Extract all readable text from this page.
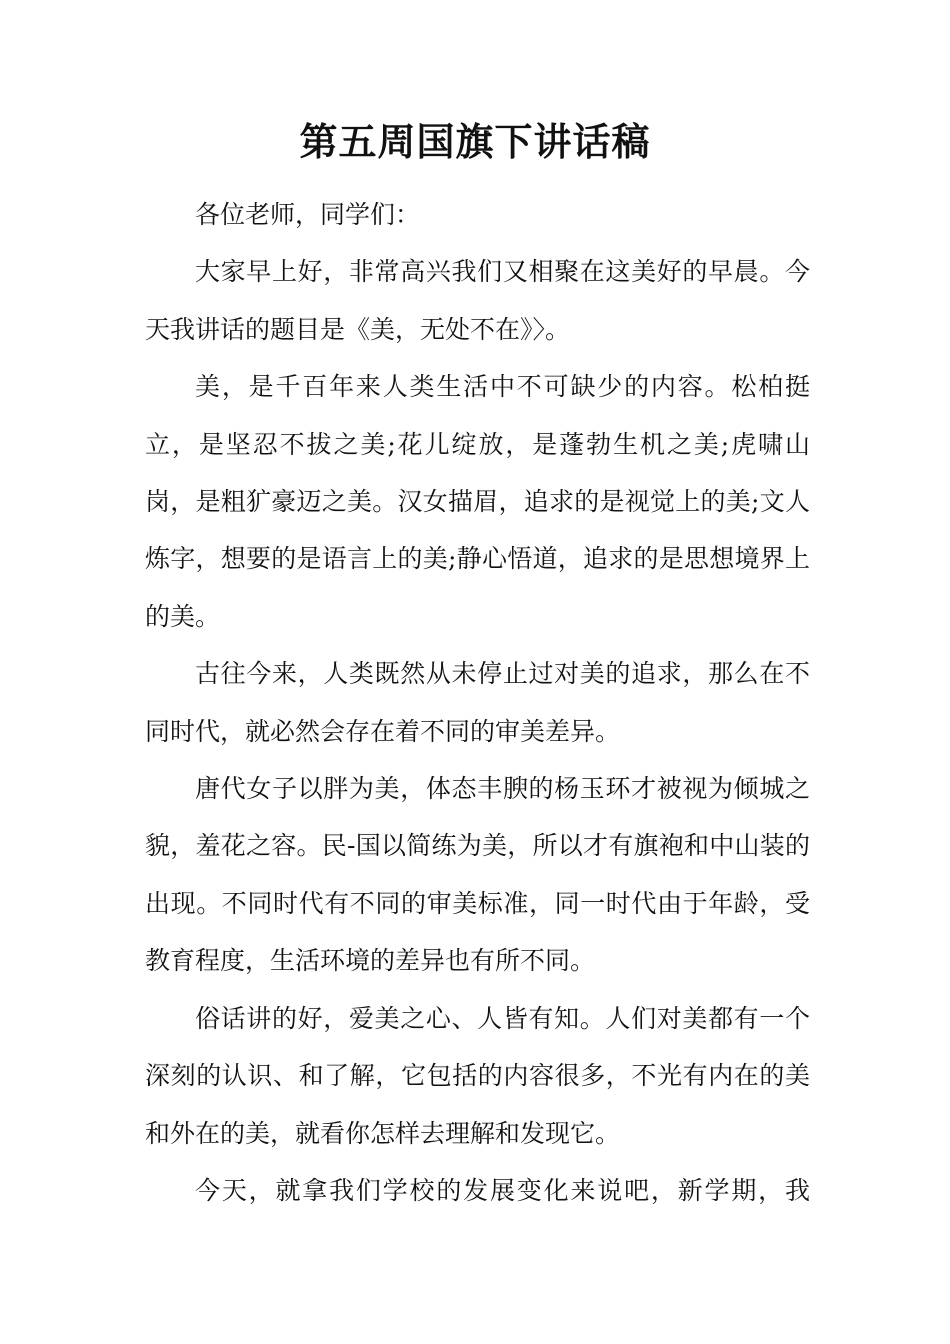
第五周国旗下讲话稿

各位老师，同学们：

大家早上好，非常高兴我们又相聚在这美好的早晨。今天我讲话的题目是《美，无处不在》〉。

美，是千百年来人类生活中不可缺少的内容。松柏挺立，是坚忍不拔之美;花儿绽放，是蓬勃生机之美;虎啸山岗，是粗犷豪迈之美。汉女描眉，追求的是视觉上的美;文人炼字，想要的是语言上的美;静心悟道，追求的是思想境界上的美。

古往今来，人类既然从未停止过对美的追求，那么在不同时代，就必然会存在着不同的审美差异。

唐代女子以胖为美，体态丰腴的杨玉环才被视为倾城之貌，羞花之容。民-国以简练为美，所以才有旗袍和中山装的出现。不同时代有不同的审美标准，同一时代由于年龄，受教育程度，生活环境的差异也有所不同。

俗话讲的好，爱美之心、人皆有知。人们对美都有一个深刻的认识、和了解，它包括的内容很多，不光有内在的美和外在的美，就看你怎样去理解和发现它。

今天，就拿我们学校的发展变化来说吧，新学期，我
